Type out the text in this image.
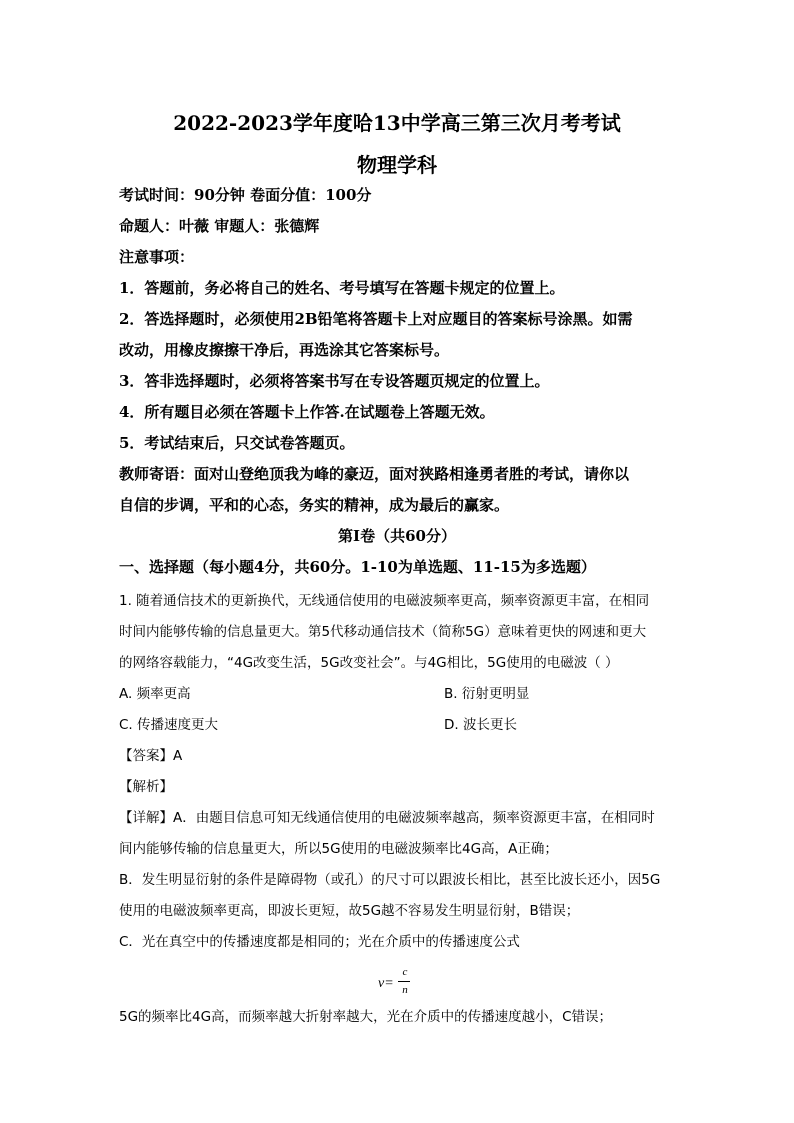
2022-2023学年度哈13中学高三第三次月考考试
物理学科
考试时间：90分钟 卷面分值：100分
命题人：叶薇 审题人：张德辉
注意事项：
1．答题前，务必将自己的姓名、考号填写在答题卡规定的位置上。
2．答选择题时，必须使用2B铅笔将答题卡上对应题目的答案标号涂黑。如需
改动，用橡皮擦擦干净后，再选涂其它答案标号。
3．答非选择题时，必须将答案书写在专设答题页规定的位置上。
4．所有题目必须在答题卡上作答.在试题卷上答题无效。
5．考试结束后，只交试卷答题页。
教师寄语：面对山登绝顶我为峰的豪迈，面对狭路相逢勇者胜的考试，请你以
自信的步调，平和的心态，务实的精神，成为最后的赢家。
第I卷（共60分）
一、选择题（每小题4分，共60分。1-10为单选题、11-15为多选题）
1. 随着通信技术的更新换代，无线通信使用的电磁波频率更高，频率资源更丰富，在相同
时间内能够传输的信息量更大。第5代移动通信技术（简称5G）意味着更快的网速和更大
的网络容载能力，“4G改变生活，5G改变社会”。与4G相比，5G使用的电磁波（ ）
A. 频率更高	B. 衍射更明显
C. 传播速度更大	D. 波长更长
【答案】A
【解析】
【详解】A．由题目信息可知无线通信使用的电磁波频率越高，频率资源更丰富，在相同时
间内能够传输的信息量更大，所以5G使用的电磁波频率比4G高，A正确；
B．发生明显衍射的条件是障碍物（或孔）的尺寸可以跟波长相比，甚至比波长还小，因5G
使用的电磁波频率更高，即波长更短，故5G越不容易发生明显衍射，B错误；
C．光在真空中的传播速度都是相同的；光在介质中的传播速度公式
v=
c
n
5G的频率比4G高，而频率越大折射率越大，光在介质中的传播速度越小，C错误；
